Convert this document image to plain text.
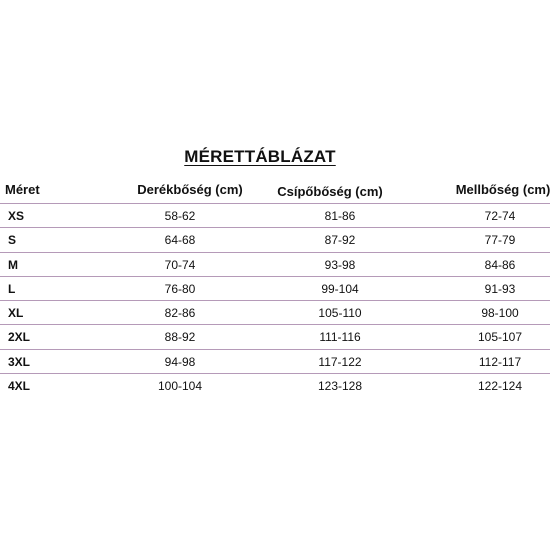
MÉRETTÁBLÁZAT
Méret	Derékbőség (cm)	Csípőbőség (cm)	Mellbőség (cm)
XS	58-62	81-86	72-74
S	64-68	87-92	77-79
M	70-74	93-98	84-86
L	76-80	99-104	91-93
XL	82-86	105-110	98-100
2XL	88-92	111-116	105-107
3XL	94-98	117-122	112-117
4XL	100-104	123-128	122-124
